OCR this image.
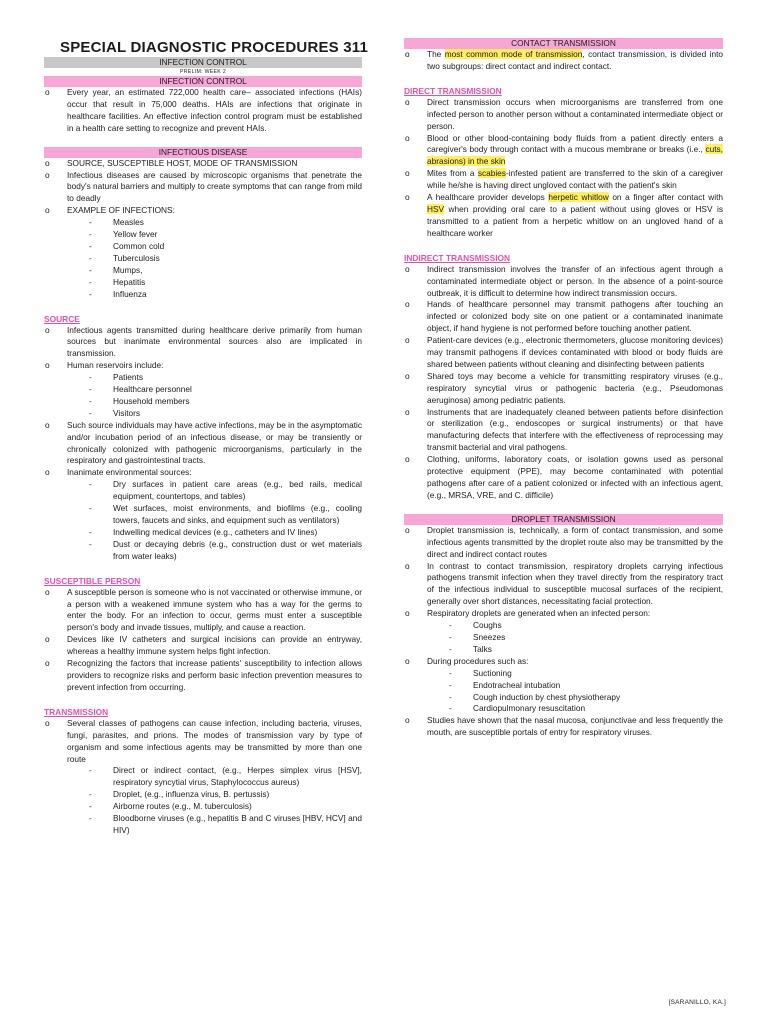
SPECIAL DIAGNOSTIC PROCEDURES 311
INFECTION CONTROL
PRELIM: WEEK 2
INFECTION CONTROL
o Every year, an estimated 722,000 health care– associated infections (HAIs) occur that result in 75,000 deaths. HAIs are infections that originate in healthcare facilities. An effective infection control program must be established in a health care setting to recognize and prevent HAIs.
INFECTIOUS DISEASE
o SOURCE, SUSCEPTIBLE HOST, MODE OF TRANSMISSION
o Infectious diseases are caused by microscopic organisms that penetrate the body's natural barriers and multiply to create symptoms that can range from mild to deadly
o EXAMPLE OF INFECTIONS:
- Measles
- Yellow fever
- Common cold
- Tuberculosis
- Mumps,
- Hepatitis
- Influenza
SOURCE
o Infectious agents transmitted during healthcare derive primarily from human sources but inanimate environmental sources also are implicated in transmission.
o Human reservoirs include:
- Patients
- Healthcare personnel
- Household members
- Visitors
o Such source individuals may have active infections, may be in the asymptomatic and/or incubation period of an infectious disease, or may be transiently or chronically colonized with pathogenic microorganisms, particularly in the respiratory and gastrointestinal tracts.
o Inanimate environmental sources:
- Dry surfaces in patient care areas (e.g., bed rails, medical equipment, countertops, and tables)
- Wet surfaces, moist environments, and biofilms (e.g., cooling towers, faucets and sinks, and equipment such as ventilators)
- Indwelling medical devices (e.g., catheters and IV lines)
- Dust or decaying debris (e.g., construction dust or wet materials from water leaks)
SUSCEPTIBLE PERSON
o A susceptible person is someone who is not vaccinated or otherwise immune, or a person with a weakened immune system who has a way for the germs to enter the body. For an infection to occur, germs must enter a susceptible person's body and invade tissues, multiply, and cause a reaction.
o Devices like IV catheters and surgical incisions can provide an entryway, whereas a healthy immune system helps fight infection.
o Recognizing the factors that increase patients' susceptibility to infection allows providers to recognize risks and perform basic infection prevention measures to prevent infection from occurring.
TRANSMISSION
o Several classes of pathogens can cause infection, including bacteria, viruses, fungi, parasites, and prions. The modes of transmission vary by type of organism and some infectious agents may be transmitted by more than one route
- Direct or indirect contact, (e.g., Herpes simplex virus [HSV], respiratory syncytial virus, Staphylococcus aureus)
- Droplet, (e.g., influenza virus, B. pertussis)
- Airborne routes (e.g., M. tuberculosis)
- Bloodborne viruses (e.g., hepatitis B and C viruses [HBV, HCV] and HIV)
CONTACT TRANSMISSION
o The most common mode of transmission, contact transmission, is divided into two subgroups: direct contact and indirect contact.
DIRECT TRANSMISSION
o Direct transmission occurs when microorganisms are transferred from one infected person to another person without a contaminated intermediate object or person.
o Blood or other blood-containing body fluids from a patient directly enters a caregiver's body through contact with a mucous membrane or breaks (i.e., cuts, abrasions) in the skin
o Mites from a scabies-infested patient are transferred to the skin of a caregiver while he/she is having direct ungloved contact with the patient's skin
o A healthcare provider develops herpetic whitlow on a finger after contact with HSV when providing oral care to a patient without using gloves or HSV is transmitted to a patient from a herpetic whitlow on an ungloved hand of a healthcare worker
INDIRECT TRANSMISSION
o Indirect transmission involves the transfer of an infectious agent through a contaminated intermediate object or person. In the absence of a point-source outbreak, it is difficult to determine how indirect transmission occurs.
o Hands of healthcare personnel may transmit pathogens after touching an infected or colonized body site on one patient or a contaminated inanimate object, if hand hygiene is not performed before touching another patient.
o Patient-care devices (e.g., electronic thermometers, glucose monitoring devices) may transmit pathogens if devices contaminated with blood or body fluids are shared between patients without cleaning and disinfecting between patients
o Shared toys may become a vehicle for transmitting respiratory viruses (e.g., respiratory syncytial virus or pathogenic bacteria (e.g., Pseudomonas aeruginosa) among pediatric patients.
o Instruments that are inadequately cleaned between patients before disinfection or sterilization (e.g., endoscopes or surgical instruments) or that have manufacturing defects that interfere with the effectiveness of reprocessing may transmit bacterial and viral pathogens.
o Clothing, uniforms, laboratory coats, or isolation gowns used as personal protective equipment (PPE), may become contaminated with potential pathogens after care of a patient colonized or infected with an infectious agent, (e.g., MRSA, VRE, and C. difficile)
DROPLET TRANSMISSION
o Droplet transmission is, technically, a form of contact transmission, and some infectious agents transmitted by the droplet route also may be transmitted by the direct and indirect contact routes
o In contrast to contact transmission, respiratory droplets carrying infectious pathogens transmit infection when they travel directly from the respiratory tract of the infectious individual to susceptible mucosal surfaces of the recipient, generally over short distances, necessitating facial protection.
o Respiratory droplets are generated when an infected person:
- Coughs
- Sneezes
- Talks
o During procedures such as:
- Suctioning
- Endotracheal intubation
- Cough induction by chest physiotherapy
- Cardiopulmonary resuscitation
o Studies have shown that the nasal mucosa, conjunctivae and less frequently the mouth, are susceptible portals of entry for respiratory viruses.
[SARANILLO, KA.]
